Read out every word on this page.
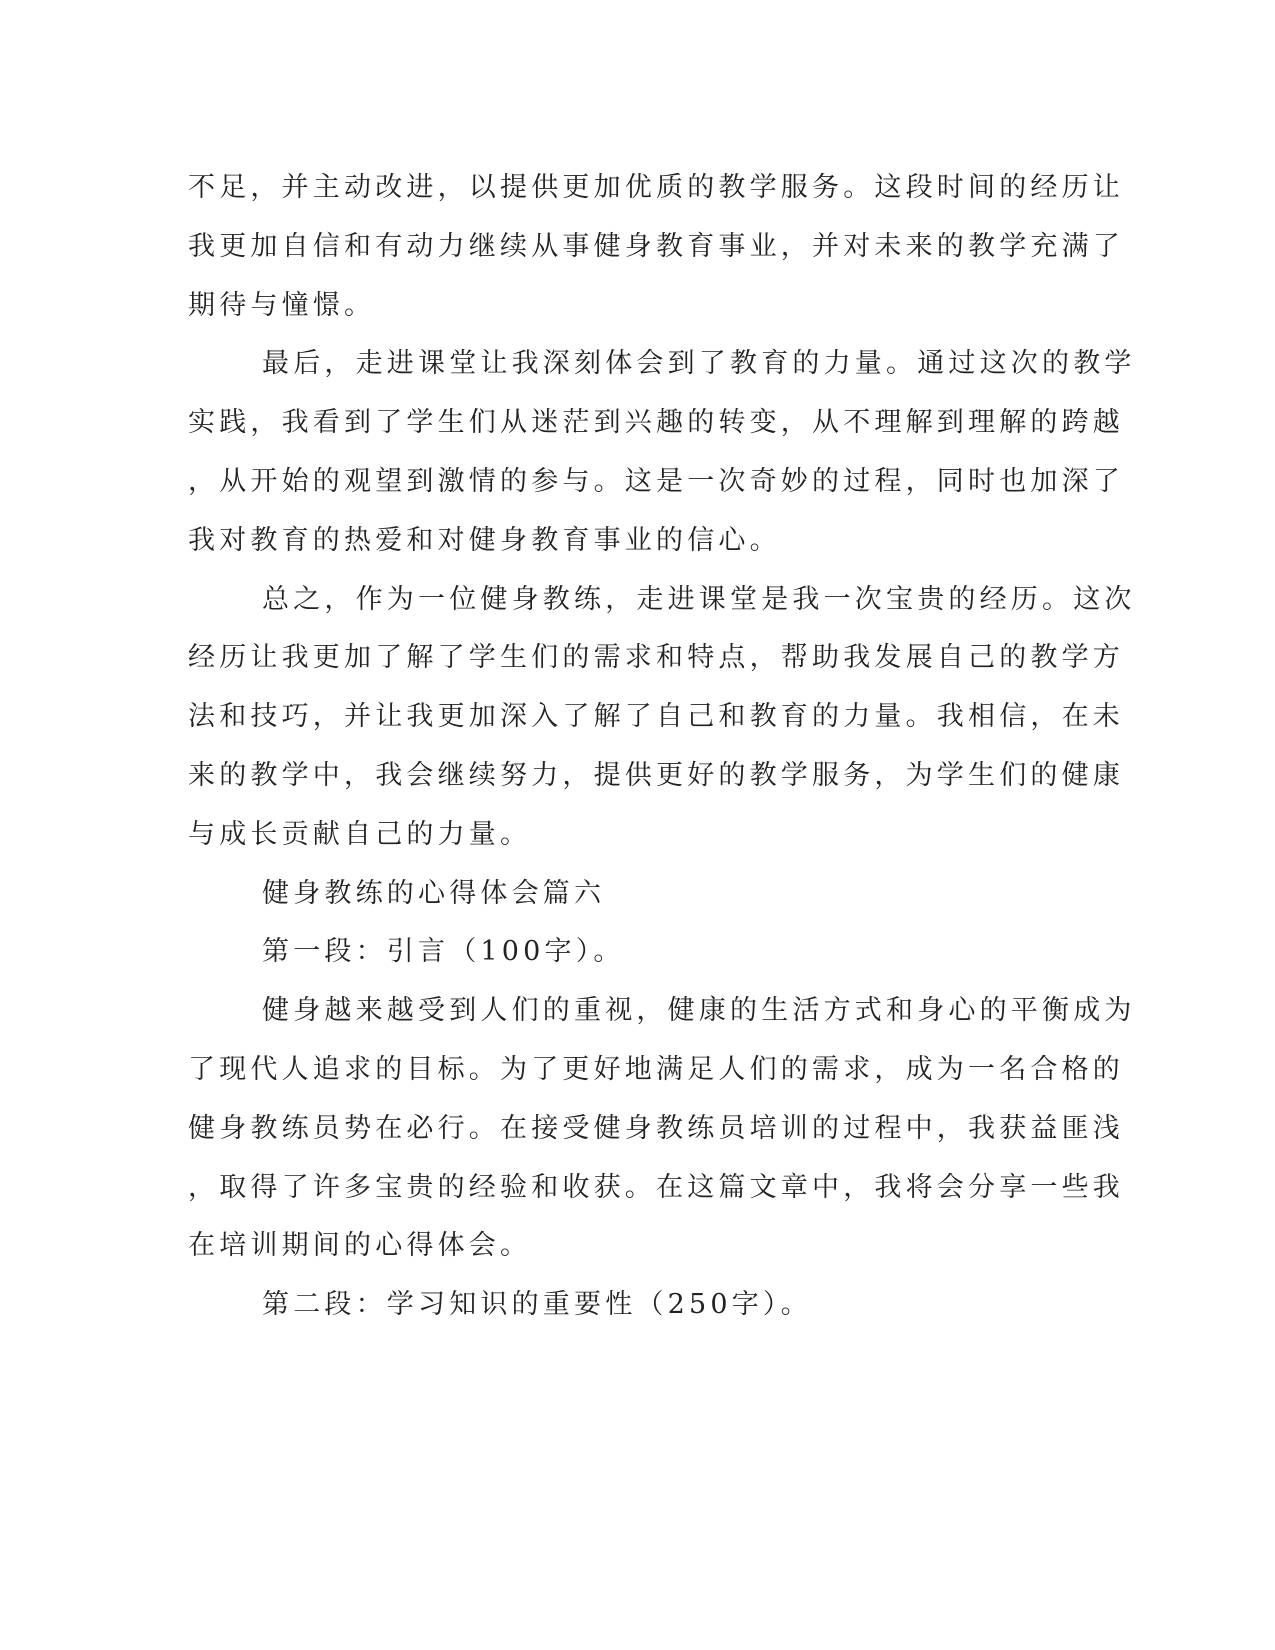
不足，并主动改进，以提供更加优质的教学服务。这段时间的经历让
我更加自信和有动力继续从事健身教育事业，并对未来的教学充满了
期待与憧憬。
最后，走进课堂让我深刻体会到了教育的力量。通过这次的教学
实践，我看到了学生们从迷茫到兴趣的转变，从不理解到理解的跨越
，从开始的观望到激情的参与。这是一次奇妙的过程，同时也加深了
我对教育的热爱和对健身教育事业的信心。
总之，作为一位健身教练，走进课堂是我一次宝贵的经历。这次
经历让我更加了解了学生们的需求和特点，帮助我发展自己的教学方
法和技巧，并让我更加深入了解了自己和教育的力量。我相信，在未
来的教学中，我会继续努力，提供更好的教学服务，为学生们的健康
与成长贡献自己的力量。
健身教练的心得体会篇六
第一段：引言（100字）。
健身越来越受到人们的重视，健康的生活方式和身心的平衡成为
了现代人追求的目标。为了更好地满足人们的需求，成为一名合格的
健身教练员势在必行。在接受健身教练员培训的过程中，我获益匪浅
，取得了许多宝贵的经验和收获。在这篇文章中，我将会分享一些我
在培训期间的心得体会。
第二段：学习知识的重要性（250字）。
